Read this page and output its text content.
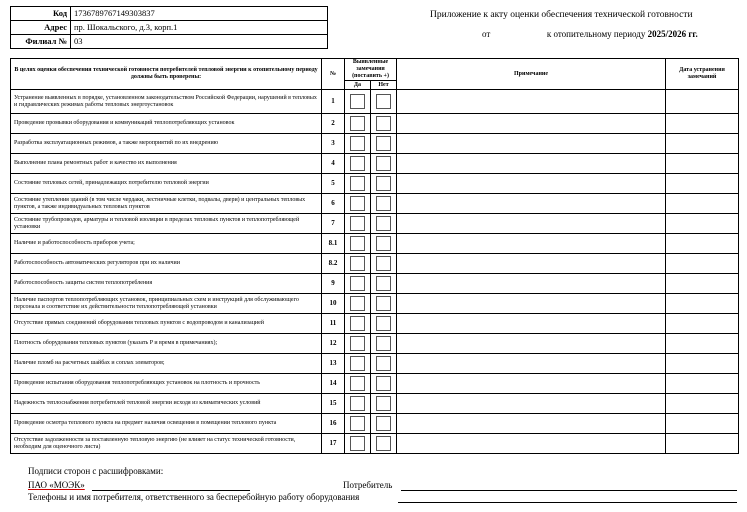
Код	1736789767149303837
Адрес	пр. Шокальского, д.3, корп.1
Филиал №	03
Приложение к акту оценки обеспечения технической готовности
от	к отопительному периоду 2025/2026 гг.
В целях оценки обеспечения технической готовности потребителей тепловой энергии к отопительному периоду должны быть проверены:	№	Выявленные замечания (поставить +)		Примечание	Дата устранения замечаний
		Да	Нет		
Устранение выявленных в порядке, установленном законодательством Российской Федерации, нарушений в тепловых и гидравлических режимах работы тепловых энергоустановок	1				
Проведение промывки оборудования и коммуникаций теплопотребляющих установок	2				
Разработка эксплуатационных режимов, а также мероприятий по их внедрению	3				
Выполнение плана ремонтных работ и качество их выполнения	4				
Состояние тепловых сетей, принадлежащих потребителю тепловой энергии	5				
Состояние утепления зданий (в том числе чердаки, лестничные клетки, подвалы, двери) и центральных тепловых пунктов, а также индивидуальных тепловых пунктов	6				
Состояние трубопроводов, арматуры и тепловой изоляции в пределах тепловых пунктов и теплопотребляющей установки	7				
Наличие и работоспособность приборов учета;	8.1				
Работоспособность автоматических регуляторов при их наличии	8.2				
Работоспособность защиты систем теплопотребления	9				
Наличие паспортов теплопотребляющих установок, принципиальных схем и инструкций для обслуживающего персонала и соответствие их действительности теплопотребляющей установки	10				
Отсутствие прямых соединений оборудования тепловых пунктов с водопроводом и канализацией	11				
Плотность оборудования тепловых пунктов (указать P и время в примечаниях);	12				
Наличие пломб на расчетных шайбах и соплах элеваторов;	13				
Проведение испытания оборудования теплопотребляющих установок на плотность и прочность	14				
Надежность теплоснабжения потребителей тепловой энергии исходя из климатических условий	15				
Проведение осмотра теплового пункта на предмет наличия освещения в помещении теплового пункта	16				
Отсутствие задолженности за поставленную тепловую энергию (не влияет на статус технической готовности, необходим для оценочного листа)	17				
Подписи сторон с расшифровками:
ПАО «МОЭК»	Потребитель
Телефоны и имя потребителя, ответственного за бесперебойную работу оборудования
